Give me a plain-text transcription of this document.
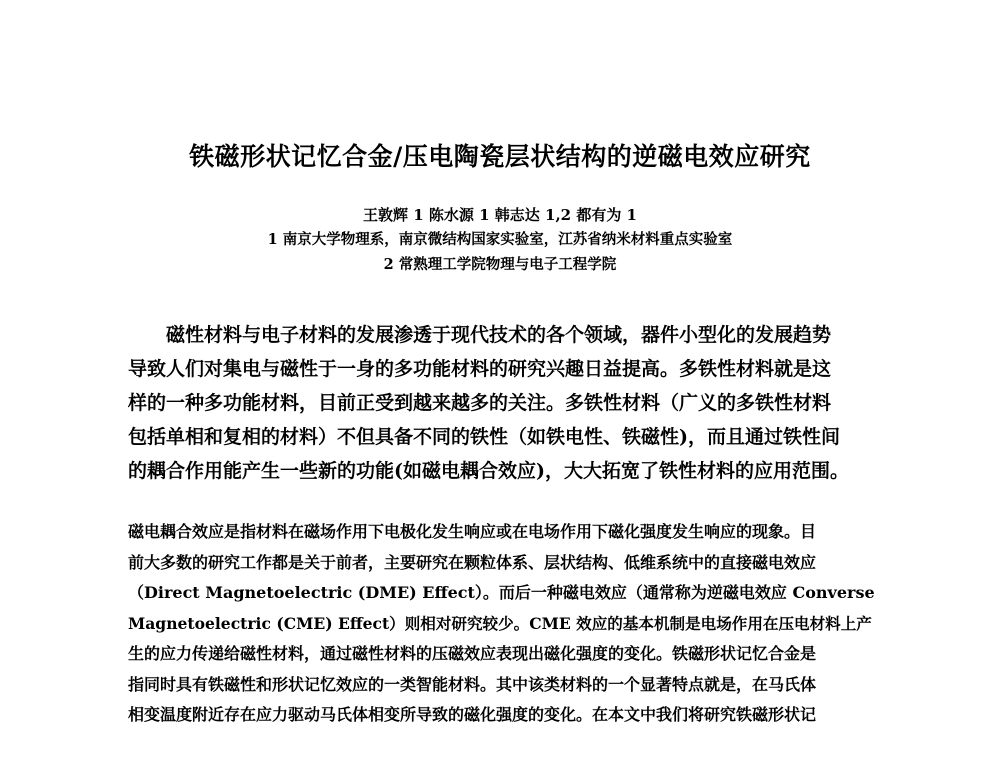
铁磁形状记忆合金/压电陶瓷层状结构的逆磁电效应研究
王敦辉 1 陈水源 1 韩志达 1,2 都有为 1
1 南京大学物理系，南京微结构国家实验室，江苏省纳米材料重点实验室
2 常熟理工学院物理与电子工程学院
磁性材料与电子材料的发展渗透于现代技术的各个领域，器件小型化的发展趋势
导致人们对集电与磁性于一身的多功能材料的研究兴趣日益提高。多铁性材料就是这
样的一种多功能材料，目前正受到越来越多的关注。多铁性材料（广义的多铁性材料
包括单相和复相的材料）不但具备不同的铁性（如铁电性、铁磁性)，而且通过铁性间
的耦合作用能产生一些新的功能(如磁电耦合效应)，大大拓宽了铁性材料的应用范围。
磁电耦合效应是指材料在磁场作用下电极化发生响应或在电场作用下磁化强度发生响应的现象。目
前大多数的研究工作都是关于前者，主要研究在颗粒体系、层状结构、低维系统中的直接磁电效应
（Direct Magnetoelectric (DME) Effect）。而后一种磁电效应（通常称为逆磁电效应 Converse
Magnetoelectric (CME) Effect）则相对研究较少。CME 效应的基本机制是电场作用在压电材料上产
生的应力传递给磁性材料，通过磁性材料的压磁效应表现出磁化强度的变化。铁磁形状记忆合金是
指同时具有铁磁性和形状记忆效应的一类智能材料。其中该类材料的一个显著特点就是，在马氏体
相变温度附近存在应力驱动马氏体相变所导致的磁化强度的变化。在本文中我们将研究铁磁形状记
